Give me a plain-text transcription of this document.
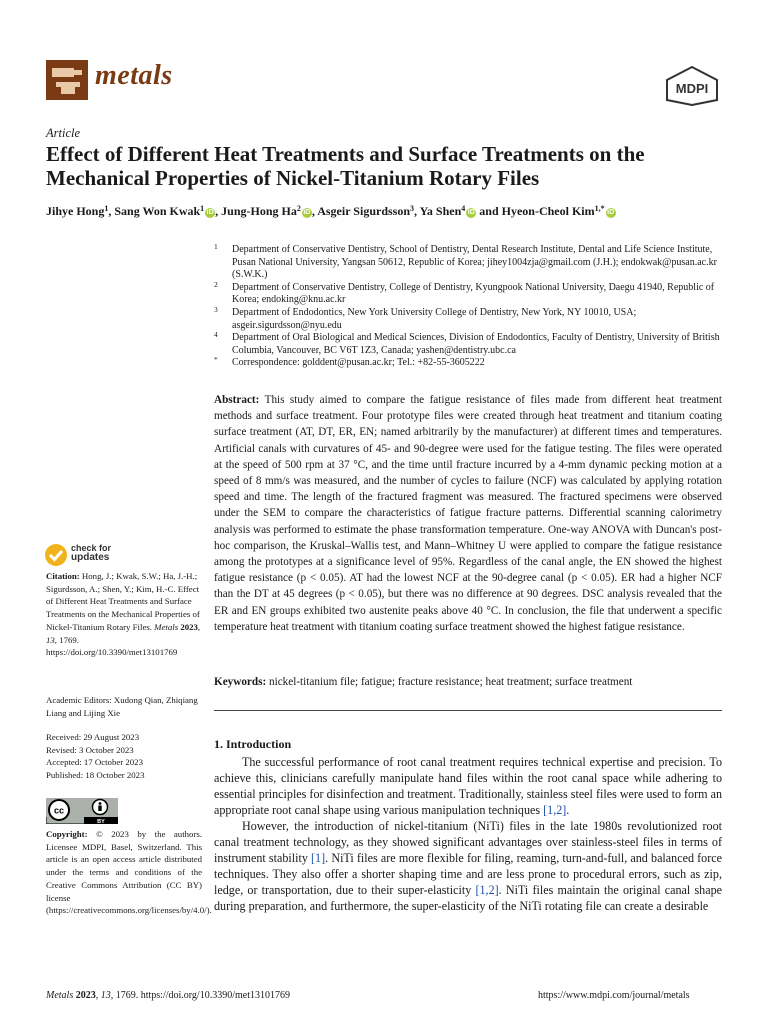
metals	MDPI
Article
Effect of Different Heat Treatments and Surface Treatments on the Mechanical Properties of Nickel-Titanium Rotary Files
Jihye Hong$^1$, Sang Won Kwak$^1$ iD , Jung-Hong Ha$^2$ iD , Asgeir Sigurdsson$^3$, Ya Shen$^4$ iD and Hyeon-Cheol Kim$^{1,*}$ iD
1 Department of Conservative Dentistry, School of Dentistry, Dental Research Institute, Dental and Life Science Institute, Pusan National University, Yangsan 50612, Republic of Korea; jihey1004zja@gmail.com (J.H.); endokwak@pusan.ac.kr (S.W.K.)
2 Department of Conservative Dentistry, College of Dentistry, Kyungpook National University, Daegu 41940, Republic of Korea; endoking@knu.ac.kr
3 Department of Endodontics, New York University College of Dentistry, New York, NY 10010, USA; asgeir.sigurdsson@nyu.edu
4 Department of Oral Biological and Medical Sciences, Division of Endodontics, Faculty of Dentistry, University of British Columbia, Vancouver, BC V6T 1Z3, Canada; yashen@dentistry.ubc.ca
* Correspondence: golddent@pusan.ac.kr; Tel.: +82-55-3605222
Abstract: This study aimed to compare the fatigue resistance of files made from different heat treatment methods and surface treatment. Four prototype files were created through heat treatment and titanium coating surface treatment (AT, DT, ER, EN; named arbitrarily by the manufacturer) at different times and temperatures. Artificial canals with curvatures of 45- and 90-degree were used for the fatigue testing. The files were operated at the speed of 500 rpm at 37 °C, and the time until fracture incurred by a 4-mm dynamic pecking motion at a speed of 8 mm/s was measured, and the number of cycles to failure (NCF) was calculated by applying rotation speed and time. The length of the fractured fragment was measured. The fractured specimens were observed under the SEM to compare the characteristics of fatigue fracture patterns. Differential scanning calorimetry analysis was performed to estimate the phase transformation temperature. One-way ANOVA with Duncan's post-hoc comparison, the Kruskal–Wallis test, and Mann–Whitney U were applied to compare the fatigue resistance among the prototypes at a significance level of 95%. Regardless of the canal angle, the EN showed the highest fatigue resistance (p < 0.05). AT had the lowest NCF at the 90-degree canal (p < 0.05). ER had a higher NCF than the DT at 45 degrees (p < 0.05), but there was no difference at 90 degrees. DSC analysis revealed that the ER and EN groups exhibited two austenite peaks above 40 °C. In conclusion, the file that underwent a specific temperature heat treatment with titanium coating surface treatment showed the highest fatigue resistance.
Keywords: nickel-titanium file; fatigue; fracture resistance; heat treatment; surface treatment
1. Introduction

The successful performance of root canal treatment requires technical expertise and precision. To achieve this, clinicians carefully manipulate hand files within the root canal space while adhering to essential principles for disinfection and treatment. Traditionally, stainless steel files were used to form an appropriate root canal shape using various manipulation techniques [1,2].

However, the introduction of nickel-titanium (NiTi) files in the late 1980s revolutionized root canal treatment technology, as they showed significant advantages over stainless-steel files in terms of instrument stability [1]. NiTi files are more flexible for filing, reaming, turn-and-full, and balanced force techniques. They also offer a shorter shaping time and are less prone to procedural errors, such as zip, ledge, or transportation, due to their super-elasticity [1,2]. NiTi files maintain the original canal shape during preparation, and furthermore, the super-elasticity of the NiTi rotating file can create a desirable

check for
updates
Citation: Hong, J.; Kwak, S.W.; Ha, J.-H.; Sigurdsson, A.; Shen, Y.; Kim, H.-C. Effect of Different Heat Treatments and Surface Treatments on the Mechanical Properties of Nickel-Titanium Rotary Files. Metals 2023, 13, 1769. https://doi.org/10.3390/met13101769
Academic Editors: Xudong Qian, Zhiqiang Liang and Lijing Xie
Received: 29 August 2023
Revised: 3 October 2023
Accepted: 17 October 2023
Published: 18 October 2023
BY
cc
Copyright: © 2023 by the authors. Licensee MDPI, Basel, Switzerland. This article is an open access article distributed under the terms and conditions of the Creative Commons Attribution (CC BY) license (https://creativecommons.org/licenses/by/4.0/).
Metals 2023, 13, 1769. https://doi.org/10.3390/met13101769	https://www.mdpi.com/journal/metals
